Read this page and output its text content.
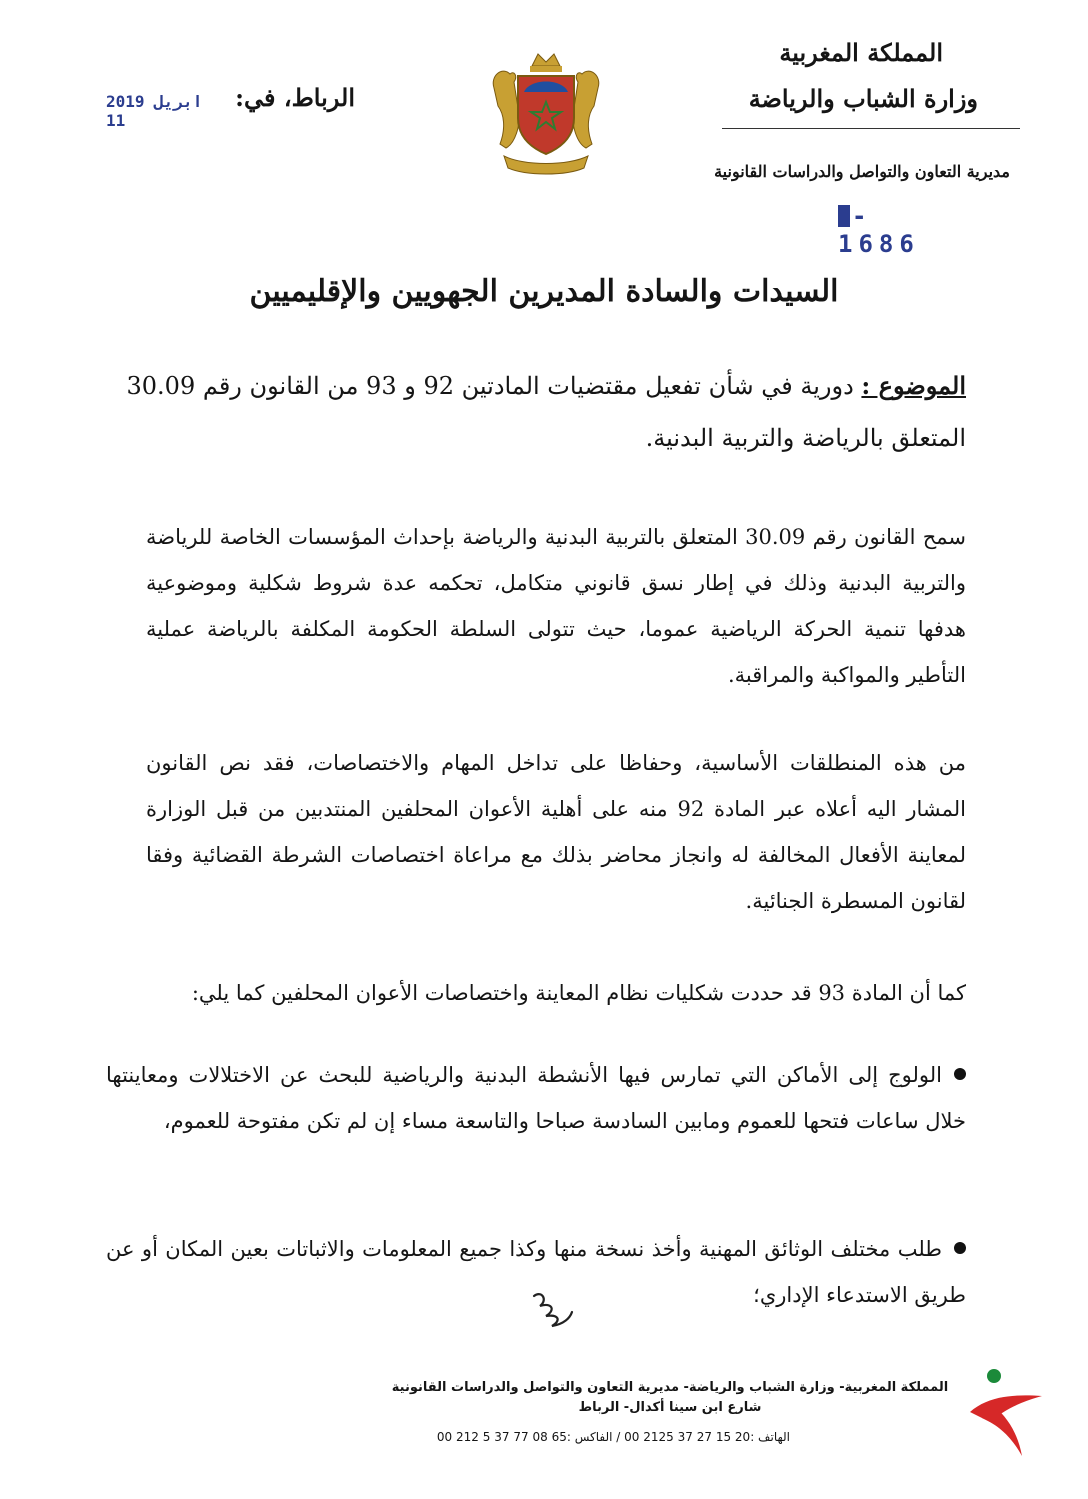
المملكة المغربية
وزارة الشباب والرياضة
مديرية التعاون والتواصل والدراسات القانونية
- 1686
الرباط، في:
2019 ابريل 11
السيدات والسادة المديرين الجهويين والإقليميين
الموضوع : دورية في شأن تفعيل مقتضيات المادتين 92 و 93 من القانون رقم 30.09 المتعلق بالرياضة والتربية البدنية.
سمح القانون رقم 30.09 المتعلق بالتربية البدنية والرياضة بإحداث المؤسسات الخاصة للرياضة والتربية البدنية وذلك في إطار نسق قانوني متكامل، تحكمه عدة شروط شكلية وموضوعية هدفها تنمية الحركة الرياضية عموما، حيث تتولى السلطة الحكومة المكلفة بالرياضة عملية التأطير والمواكبة والمراقبة.
من هذه المنطلقات الأساسية، وحفاظا على تداخل المهام والاختصاصات، فقد نص القانون المشار اليه أعلاه عبر المادة 92 منه على أهلية الأعوان المحلفين المنتدبين من قبل الوزارة لمعاينة الأفعال المخالفة له وانجاز محاضر بذلك مع مراعاة اختصاصات الشرطة القضائية وفقا لقانون المسطرة الجنائية.
كما أن المادة 93 قد حددت شكليات نظام المعاينة واختصاصات الأعوان المحلفين كما يلي:
الولوج إلى الأماكن التي تمارس فيها الأنشطة البدنية والرياضية للبحث عن الاختلالات ومعاينتها خلال ساعات فتحها للعموم ومابين السادسة صباحا والتاسعة مساء إن لم تكن مفتوحة للعموم،
طلب مختلف الوثائق المهنية وأخذ نسخة منها وكذا جميع المعلومات والاثباتات بعين المكان أو عن طريق الاستدعاء الإداري؛
المملكة المغربية- وزارة الشباب والرياضة- مديرية التعاون والتواصل والدراسات القانونية
شارع ابن سينا أكدال- الرباط
الهاتف :20 15 27 37 2125 00 / الفاكس :65 08 77 37 5 212 00
